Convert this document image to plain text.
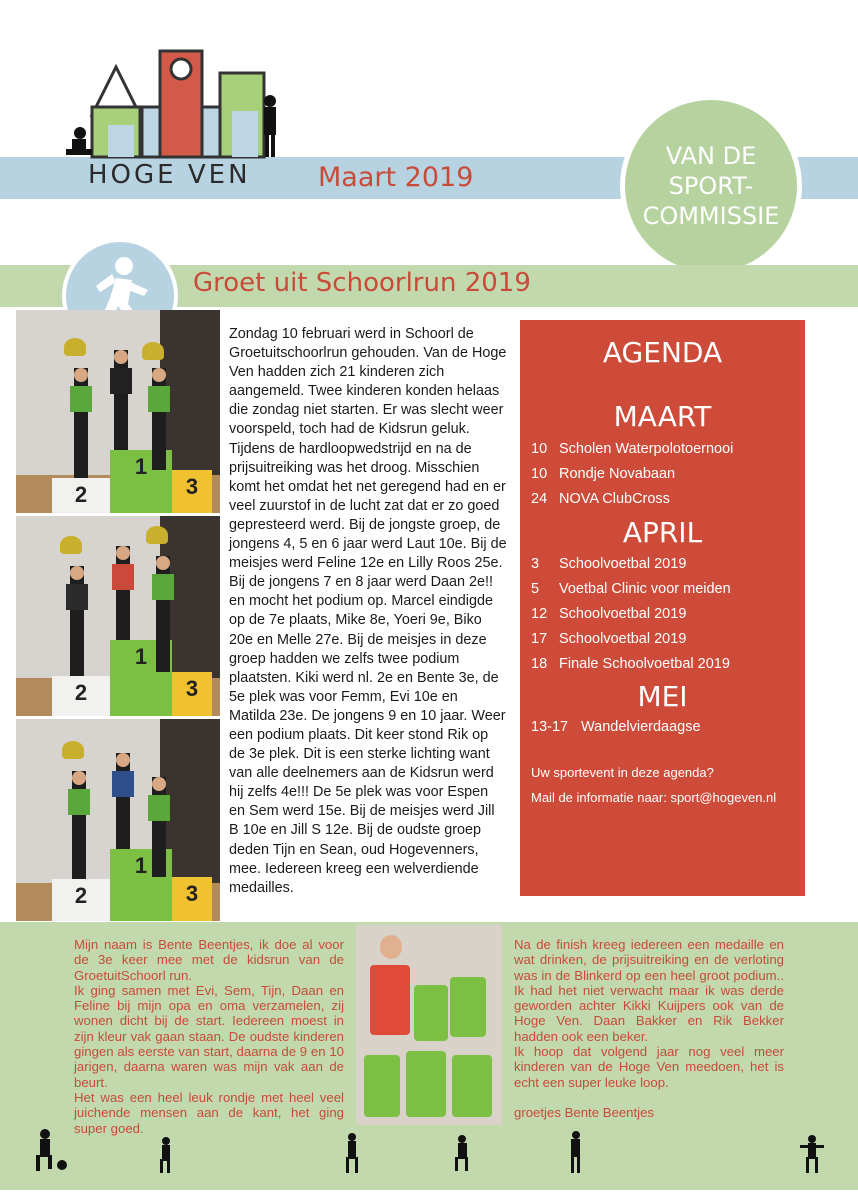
HOGE VEN	Maart 2019
VAN DE
SPORT-
COMMISSIE
Groet uit Schoorlrun 2019
2
1
3
2
1
3
2
1
3

Zondag 10 februari werd in Schoorl de Groetuitschoorlrun gehouden. Van de Hoge Ven hadden zich 21 kinderen zich aangemeld. Twee kinderen konden helaas die zondag niet starten. Er was slecht weer voorspeld, toch had de Kidsrun geluk. Tijdens de hardloopwedstrijd en na de prijsuitreiking was het droog. Misschien komt het omdat het net geregend had en er veel zuurstof in de lucht zat dat er zo goed gepresteerd werd. Bij de jongste groep, de jongens 4, 5 en 6 jaar werd Laut 10e. Bij de meisjes werd Feline 12e en Lilly Roos 25e. Bij de jongens 7 en 8 jaar werd Daan 2e!! en mocht het podium op. Marcel eindigde op de 7e plaats, Mike 8e, Yoeri 9e, Biko 20e en Melle 27e. Bij de meisjes in deze groep hadden we zelfs twee podium plaatsten. Kiki werd nl. 2e en Bente 3e, de 5e plek was voor Femm, Evi 10e en Matilda 23e. De jongens 9 en 10 jaar. Weer een podium plaats. Dit keer stond Rik op de 3e plek. Dit is een sterke lichting want van alle deelnemers aan de Kidsrun werd hij zelfs 4e!!! De 5e plek was voor Espen en Sem werd 15e. Bij de meisjes werd Jill B 10e en Jill S 12e. Bij de oudste groep deden Tijn en Sean, oud Hogevenners, mee. Iedereen kreeg een welverdiende medailles.

AGENDA
MAART
10 Scholen Waterpolotoernooi
10 Rondje Novabaan
24 NOVA ClubCross
APRIL
3 Schoolvoetbal 2019
5 Voetbal Clinic voor meiden
12 Schoolvoetbal 2019
17 Schoolvoetbal 2019
18 Finale Schoolvoetbal 2019
MEI
13-17 Wandelvierdaagse
Uw sportevent in deze agenda?
Mail de informatie naar: sport@hogeven.nl

Mijn naam is Bente Beentjes, ik doe al voor de 3e keer mee met de kidsrun van de GroetuitSchoorl run.

Ik ging samen met Evi, Sem, Tijn, Daan en Feline bij mijn opa en oma verzamelen, zij wonen dicht bij de start. Iedereen moest in zijn kleur vak gaan staan. De oudste kinderen gingen als eerste van start, daarna de 9 en 10 jarigen, daarna waren was mijn vak aan de beurt.

Het was een heel leuk rondje met heel veel juichende mensen aan de kant, het ging super goed.

Na de finish kreeg iedereen een medaille en wat drinken, de prijsuitreiking en de verloting was in de Blinkerd op een heel groot podium.. Ik had het niet verwacht maar ik was derde geworden achter Kikki Kuijpers ook van de Hoge Ven. Daan Bakker en Rik Bekker hadden ook een beker.

Ik hoop dat volgend jaar nog veel meer kinderen van de Hoge Ven meedoen, het is echt een super leuke loop.

groetjes Bente Beentjes
